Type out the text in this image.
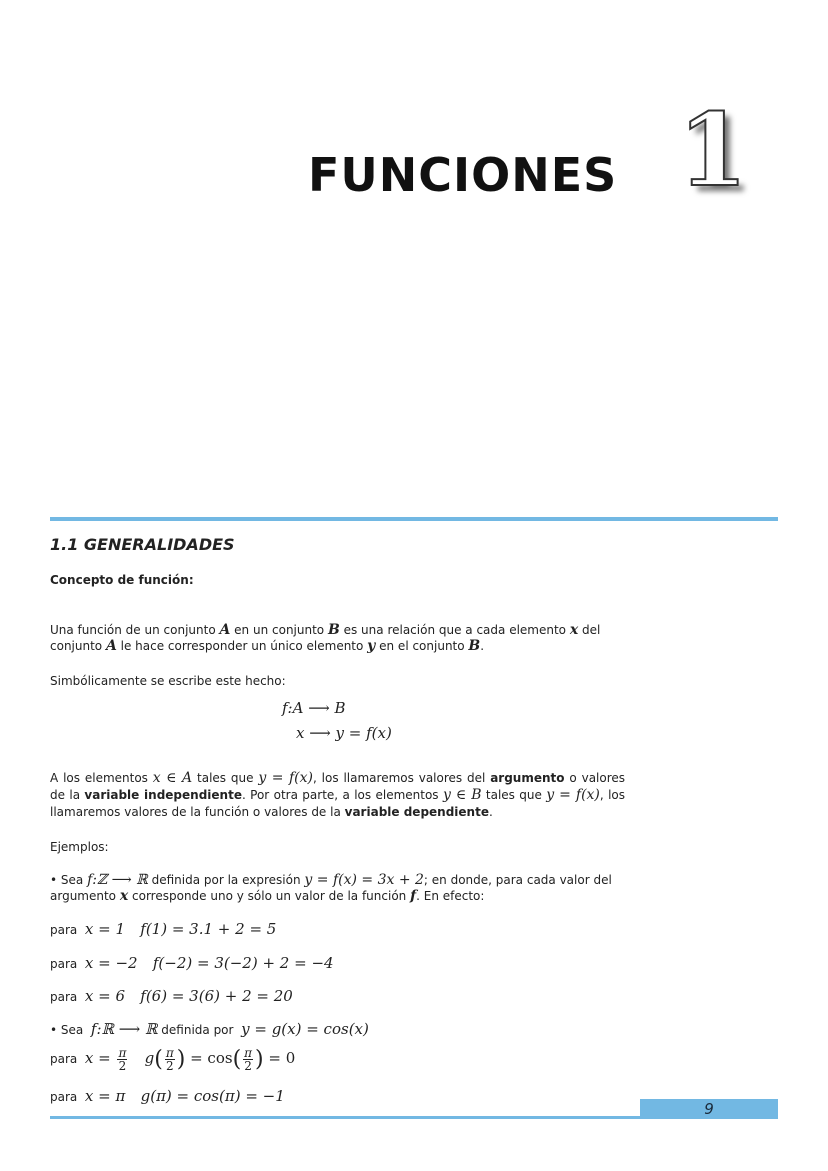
FUNCIONES 1
1.1 GENERALIDADES
Concepto de función:
Una función de un conjunto A en un conjunto B es una relación que a cada elemento x del conjunto A le hace corresponder un único elemento y en el conjunto B.
Simbólicamente se escribe este hecho:
f:A ⟶ B
x ⟶ y = f(x)
A los elementos x ∈ A tales que y = f(x), los llamaremos valores del argumento o valores de la variable independiente. Por otra parte, a los elementos y ∈ B tales que y = f(x), los llamaremos valores de la función o valores de la variable dependiente.
Ejemplos:
• Sea f:ℤ ⟶ ℝ definida por la expresión y = f(x) = 3x + 2; en donde, para cada valor del argumento x corresponde uno y sólo un valor de la función f. En efecto:
para x = 1 f(1) = 3.1 + 2 = 5
para x = −2 f(−2) = 3(−2) + 2 = −4
para x = 6 f(6) = 3(6) + 2 = 20
• Sea  f:ℝ ⟶ ℝ definida por  y = g(x) = cos(x)
para $x = \frac{\pi}{2} g( \frac{\pi}{2}$ ) = $\cos( \frac{\pi}{2}$ ) = 0
para x = π g(π) = cos(π) = −1
9
